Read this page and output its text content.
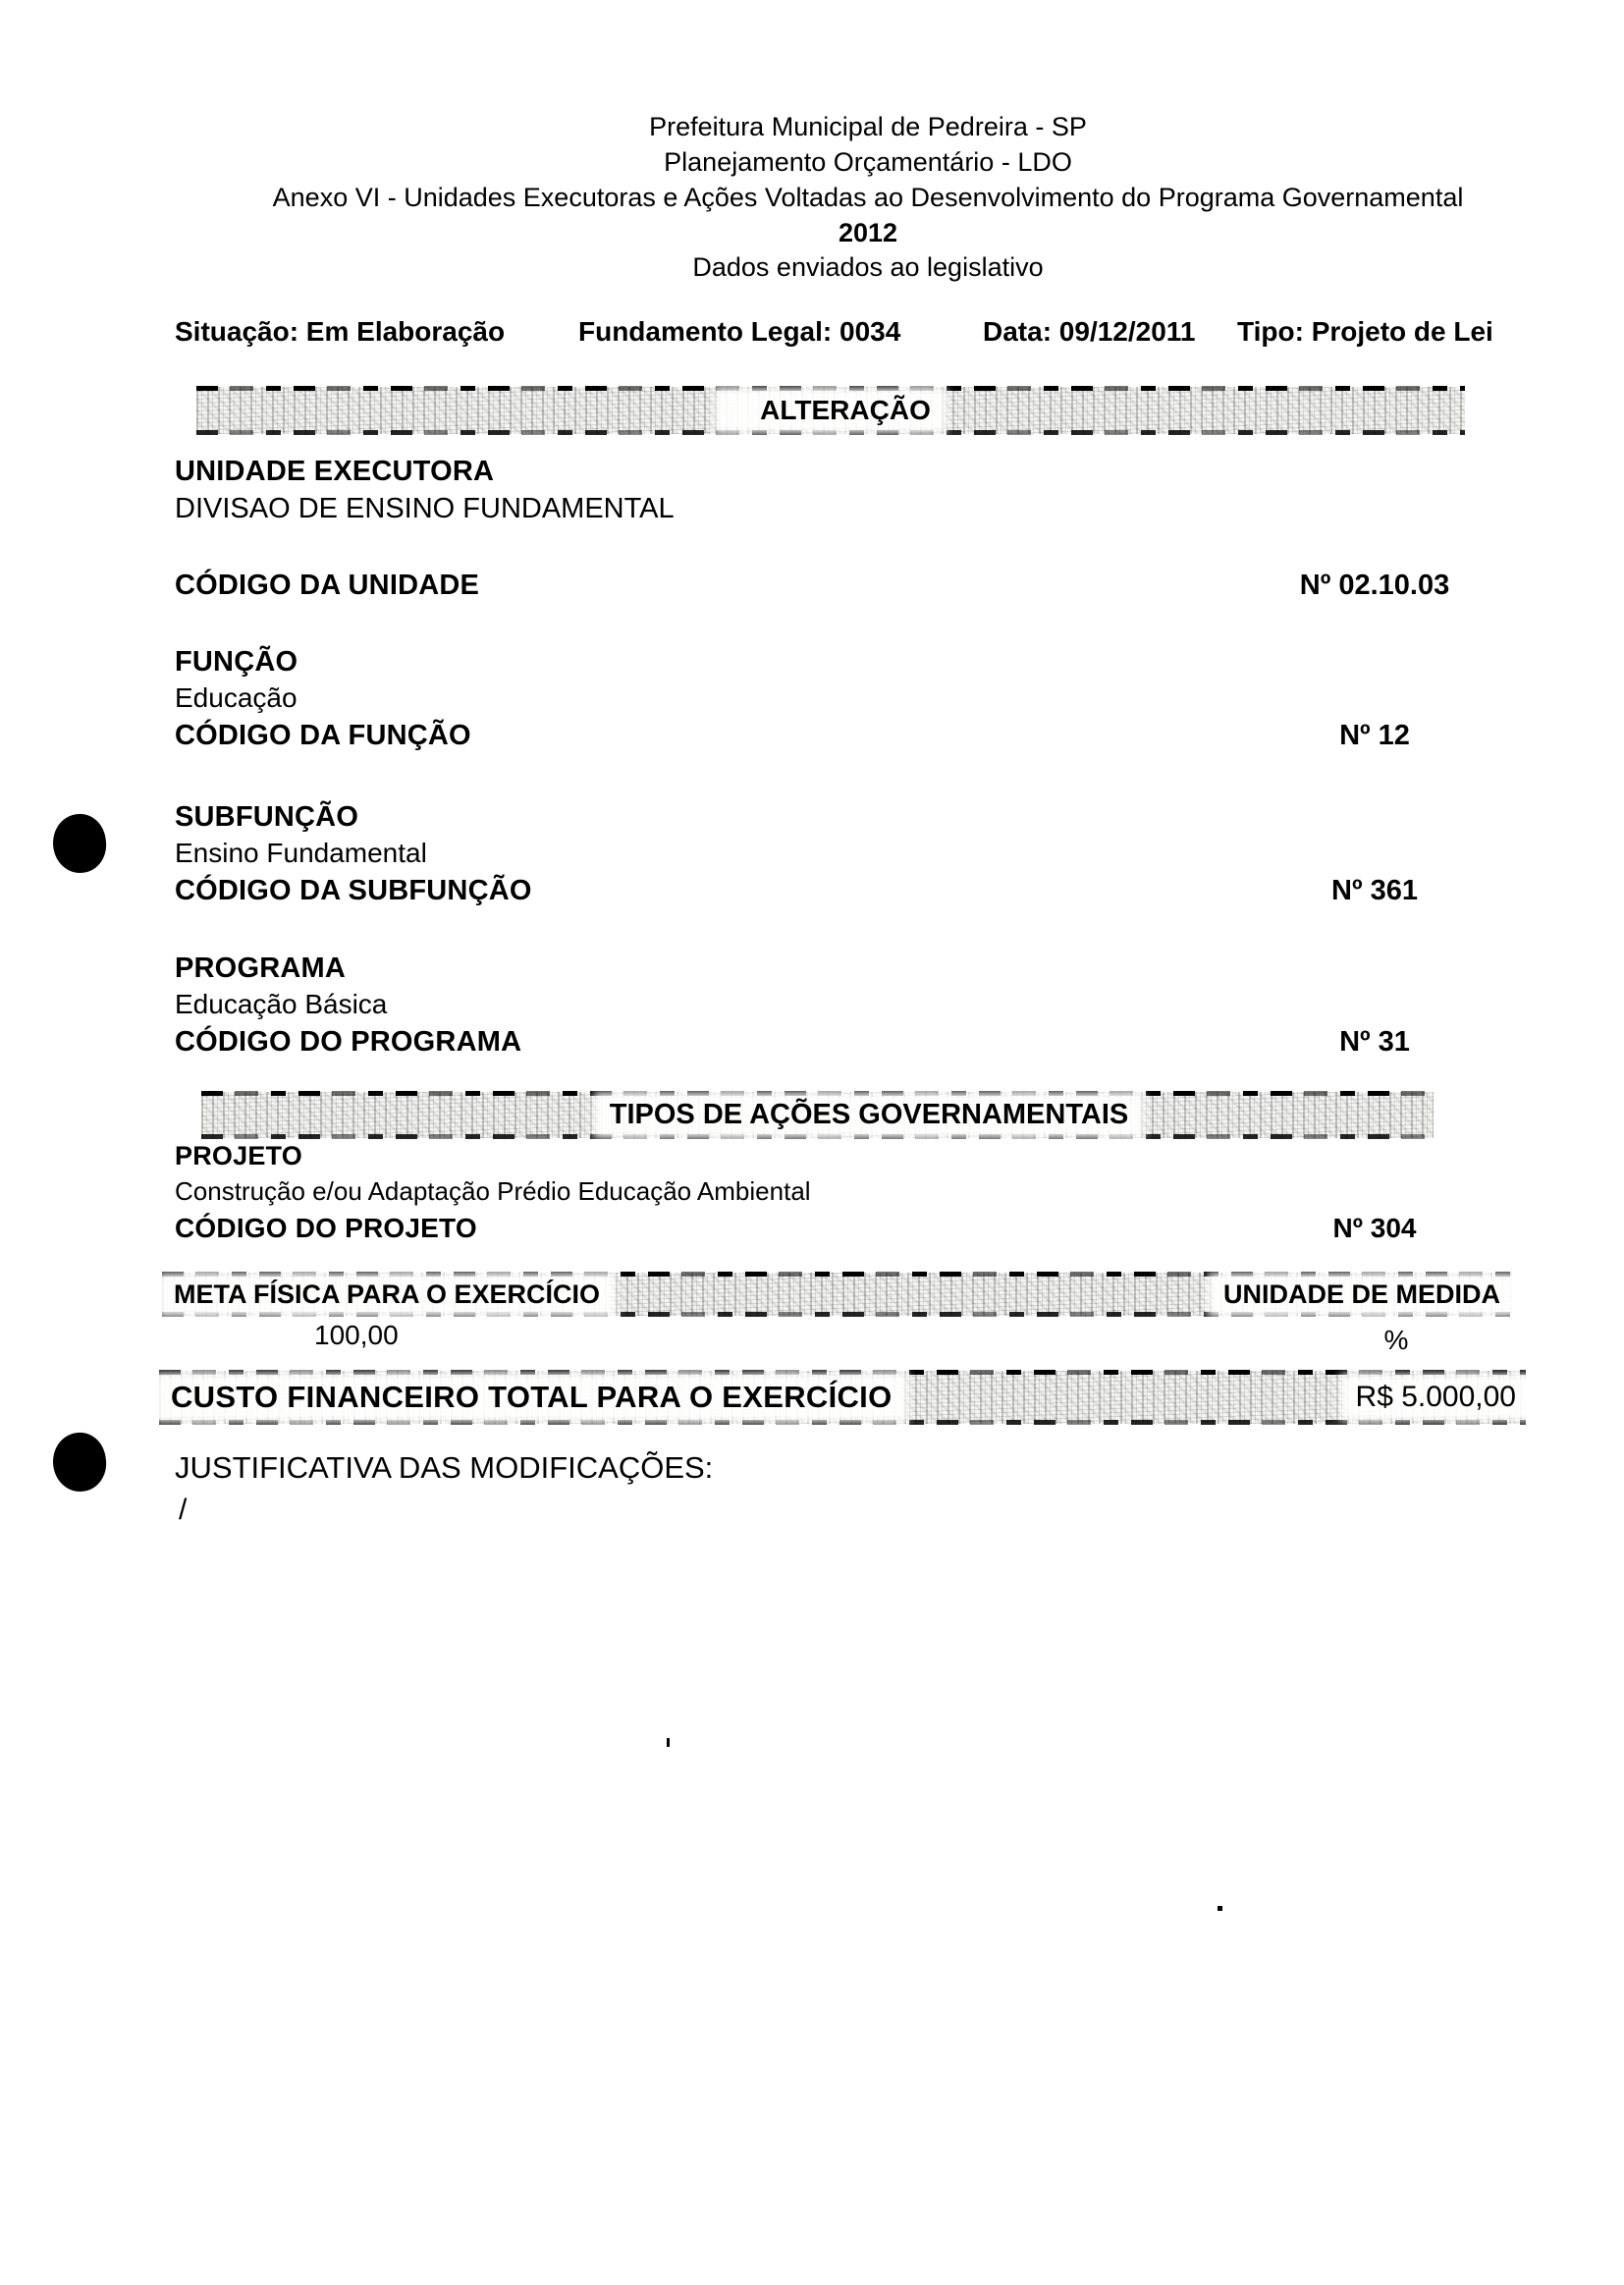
Prefeitura Municipal de Pedreira - SP
Planejamento Orçamentário - LDO
Anexo VI - Unidades Executoras e Ações Voltadas ao Desenvolvimento do Programa Governamental
2012
Dados enviados ao legislativo
Situação: Em Elaboração	Fundamento Legal: 0034	Data: 09/12/2011 Tipo: Projeto de Lei
ALTERAÇÃO
UNIDADE EXECUTORA
DIVISAO DE ENSINO FUNDAMENTAL
CÓDIGO DA UNIDADE	Nº 02.10.03
FUNÇÃO
Educação
CÓDIGO DA FUNÇÃO	Nº 12
SUBFUNÇÃO
Ensino Fundamental
CÓDIGO DA SUBFUNÇÃO	Nº 361
PROGRAMA
Educação Básica
CÓDIGO DO PROGRAMA	Nº 31
TIPOS DE AÇÕES GOVERNAMENTAIS
PROJETO
Construção e/ou Adaptação Prédio Educação Ambiental
CÓDIGO DO PROJETO	Nº 304
META FÍSICA PARA O EXERCÍCIO	UNIDADE DE MEDIDA
100,00	%
CUSTO FINANCEIRO TOTAL PARA O EXERCÍCIO	R$ 5.000,00
JUSTIFICATIVA DAS MODIFICAÇÕES:
/
